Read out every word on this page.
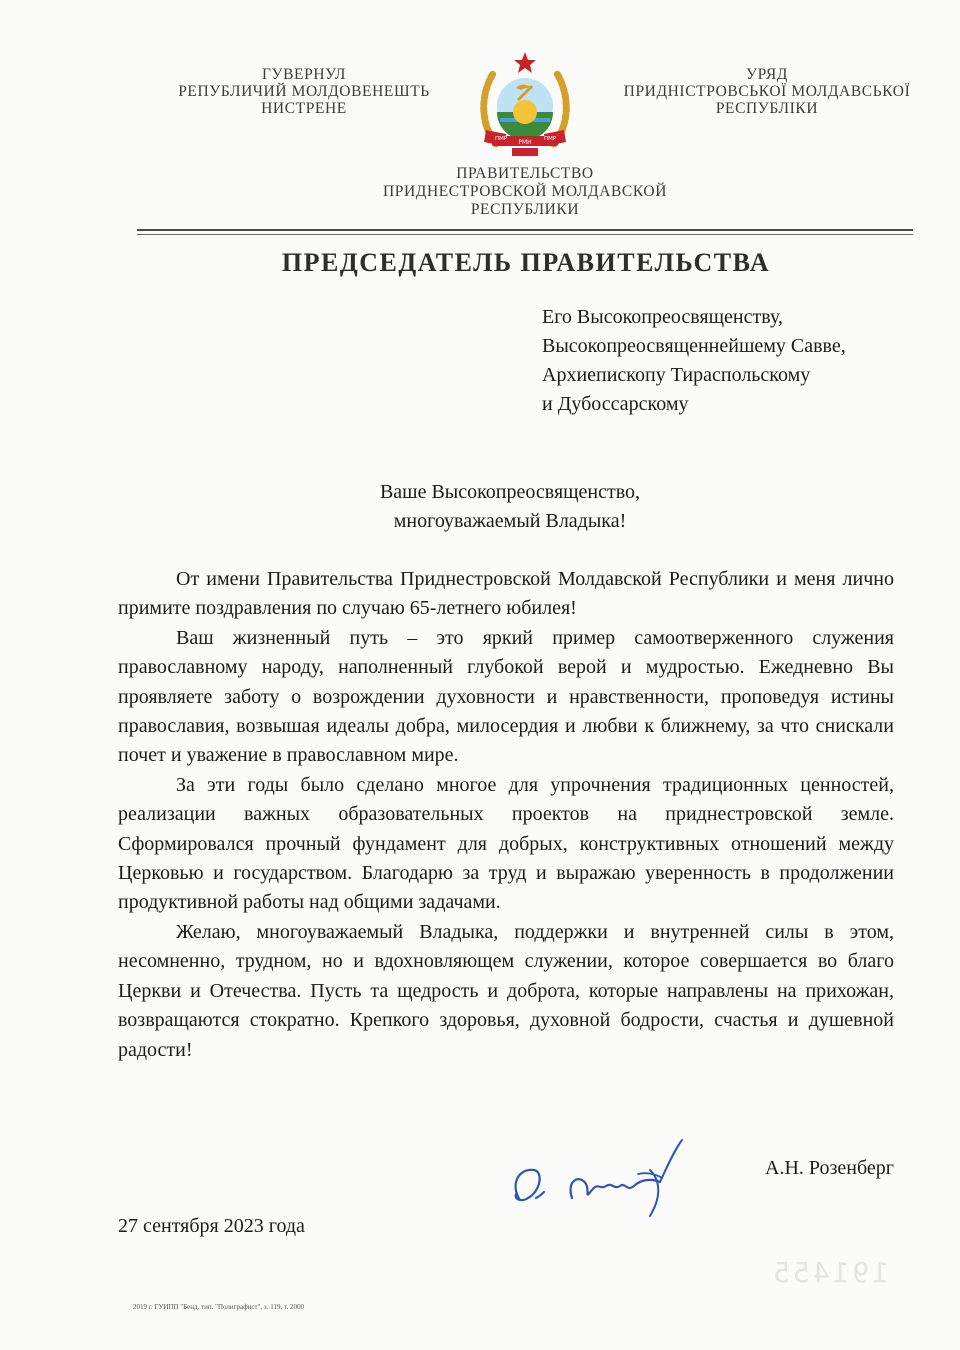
ГУВЕРНУЛ
РЕПУБЛИЧИЙ МОЛДОВЕНЕШТЬ
НИСТРЕНЕ
ПМР	ПМР
РМН
УРЯД
ПРИДНІСТРОВСЬКОЇ МОЛДАВСЬКОЇ
РЕСПУБЛІКИ
ПРАВИТЕЛЬСТВО
ПРИДНЕСТРОВСКОЙ МОЛДАВСКОЙ
РЕСПУБЛИКИ
ПРЕДСЕДАТЕЛЬ ПРАВИТЕЛЬСТВА
Его Высокопреосвященству,
Высокопреосвященнейшему Савве,
Архиепископу Тираспольскому
и Дубоссарскому
Ваше Высокопреосвященство,
многоуважаемый Владыка!

От имени Правительства Приднестровской Молдавской Республики и меня лично примите поздравления по случаю 65-летнего юбилея!

Ваш жизненный путь – это яркий пример самоотверженного служения православному народу, наполненный глубокой верой и мудростью. Ежедневно Вы проявляете заботу о возрождении духовности и нравственности, проповедуя истины православия, возвышая идеалы добра, милосердия и любви к ближнему, за что снискали почет и уважение в православном мире.

За эти годы было сделано многое для упрочнения традиционных ценностей, реализации важных образовательных проектов на приднестровской земле. Сформировался прочный фундамент для добрых, конструктивных отношений между Церковью и государством. Благодарю за труд и выражаю уверенность в продолжении продуктивной работы над общими задачами.

Желаю, многоуважаемый Владыка, поддержки и внутренней силы в этом, несомненно, трудном, но и вдохновляющем служении, которое совершается во благо Церкви и Отечества. Пусть та щедрость и доброта, которые направлены на прихожан, возвращаются стократно. Крепкого здоровья, духовной бодрости, счастья и душевной радости!

А.Н. Розенберг
27 сентября 2023 года
191455
2019 г. ГУИПП "Бенд. тип. "Полиграфист", з. 119, т. 2000
